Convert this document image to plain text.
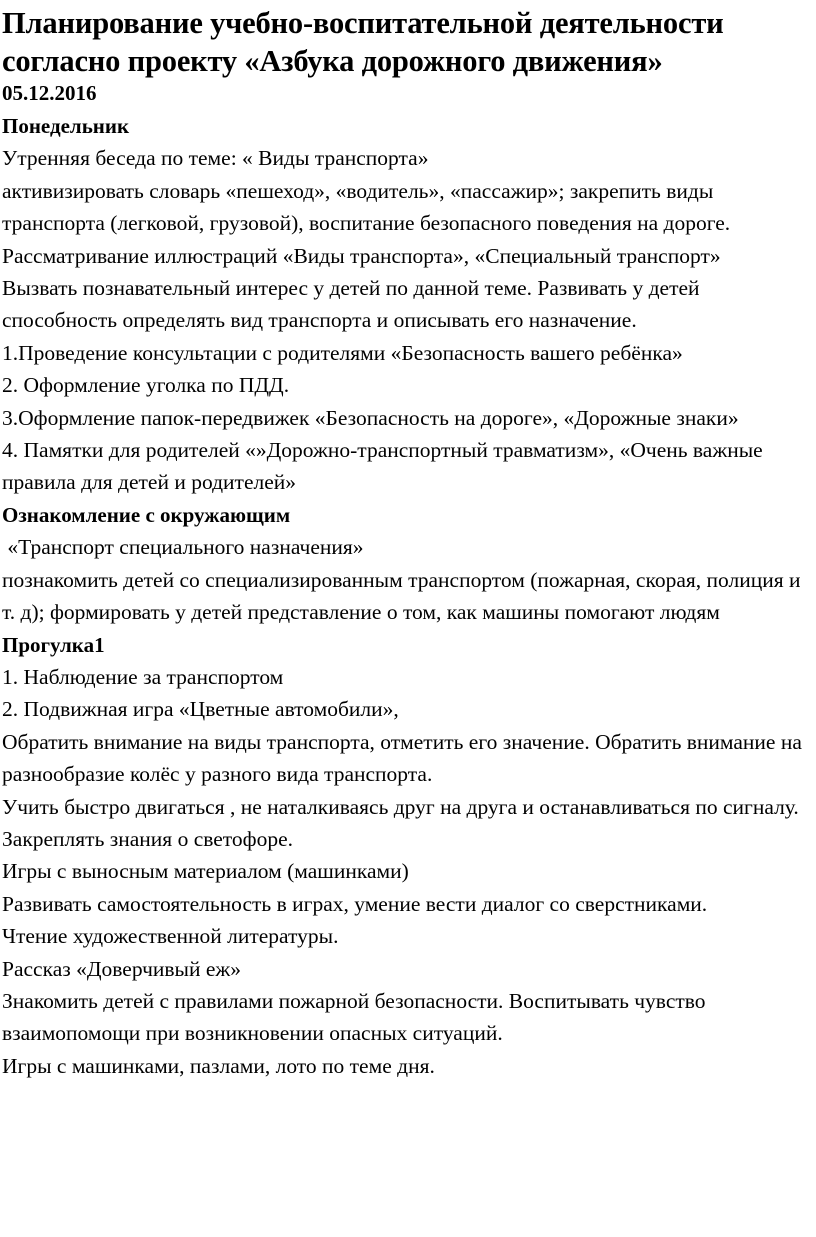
Планирование учебно-воспитательной деятельности согласно проекту «Азбука дорожного движения»
05.12.2016
Понедельник
Утренняя беседа по теме: « Виды транспорта»
активизировать словарь «пешеход», «водитель», «пассажир»; закрепить виды транспорта (легковой, грузовой), воспитание безопасного поведения на дороге.
Рассматривание иллюстраций «Виды транспорта», «Специальный транспорт»
Вызвать познавательный интерес у детей по данной теме. Развивать у детей способность определять вид транспорта и описывать его назначение.
1.Проведение консультации с родителями «Безопасность вашего ребёнка»
2. Оформление уголка по ПДД.
3.Оформление папок-передвижек «Безопасность на дороге», «Дорожные знаки»
4. Памятки для родителей «»Дорожно-транспортный травматизм», «Очень важные правила для детей и родителей»
Ознакомление с окружающим
«Транспорт специального назначения»
познакомить детей со специализированным транспортом (пожарная, скорая, полиция и т. д); формировать у детей представление о том, как машины помогают людям
Прогулка1
1. Наблюдение за транспортом
2. Подвижная игра «Цветные автомобили»,
Обратить внимание на виды транспорта, отметить его значение. Обратить внимание на разнообразие колёс у разного вида транспорта.
Учить быстро двигаться , не наталкиваясь друг на друга и останавливаться по сигналу. Закреплять знания о светофоре.
Игры с выносным материалом (машинками)
Развивать самостоятельность в играх, умение вести диалог со сверстниками.
Чтение художественной литературы.
Рассказ «Доверчивый еж»
Знакомить детей с правилами пожарной безопасности. Воспитывать чувство взаимопомощи при возникновении опасных ситуаций.
Игры с машинками, пазлами, лото по теме дня.
